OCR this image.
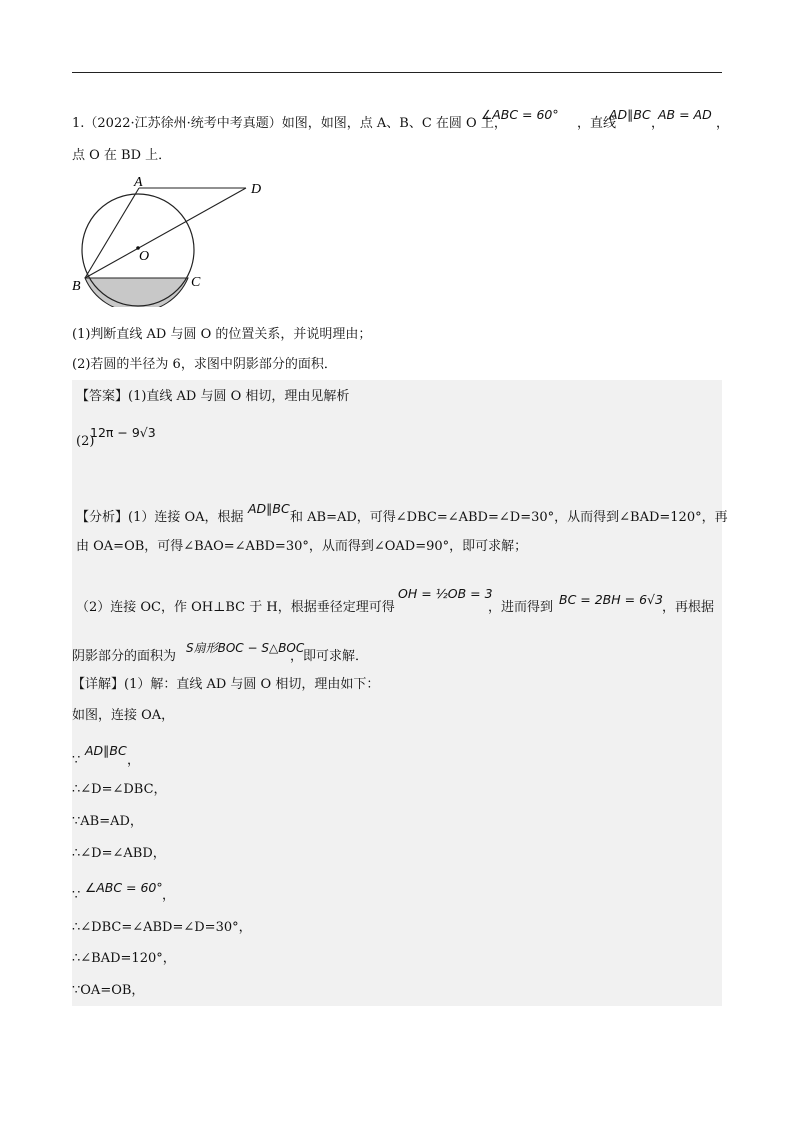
1.（2022·江苏徐州·统考中考真题）如图，如图，点 A、B、C 在圆 O 上，
∠ABC = 60°
，直线
AD∥BC
，
AB = AD
，
点 O 在 BD 上．
A
B	C
D
O
(1)判断直线 AD 与圆 O 的位置关系，并说明理由；
(2)若圆的半径为 6，求图中阴影部分的面积．
【答案】(1)直线 AD 与圆 O 相切，理由见解析
(2)
12π − 9√3
【分析】(1）连接 OA，根据
AD∥BC
和 AB=AD，可得∠DBC=∠ABD=∠D=30°，从而得到∠BAD=120°，再
由 OA=OB，可得∠BAO=∠ABD=30°，从而得到∠OAD=90°，即可求解；
（2）连接 OC，作 OH⊥BC 于 H，根据垂径定理可得
OH = ½OB = 3
，进而得到
BC = 2BH = 6√3
，再根据
阴影部分的面积为
S扇形BOC − S△BOC
，即可求解．
【详解】(1）解：直线 AD 与圆 O 相切，理由如下：
如图，连接 OA，
∵
AD∥BC
，
∴∠D=∠DBC，
∵AB=AD，
∴∠D=∠ABD，
∵
∠ABC = 60°
，
∴∠DBC=∠ABD=∠D=30°，
∴∠BAD=120°，
∵OA=OB，
